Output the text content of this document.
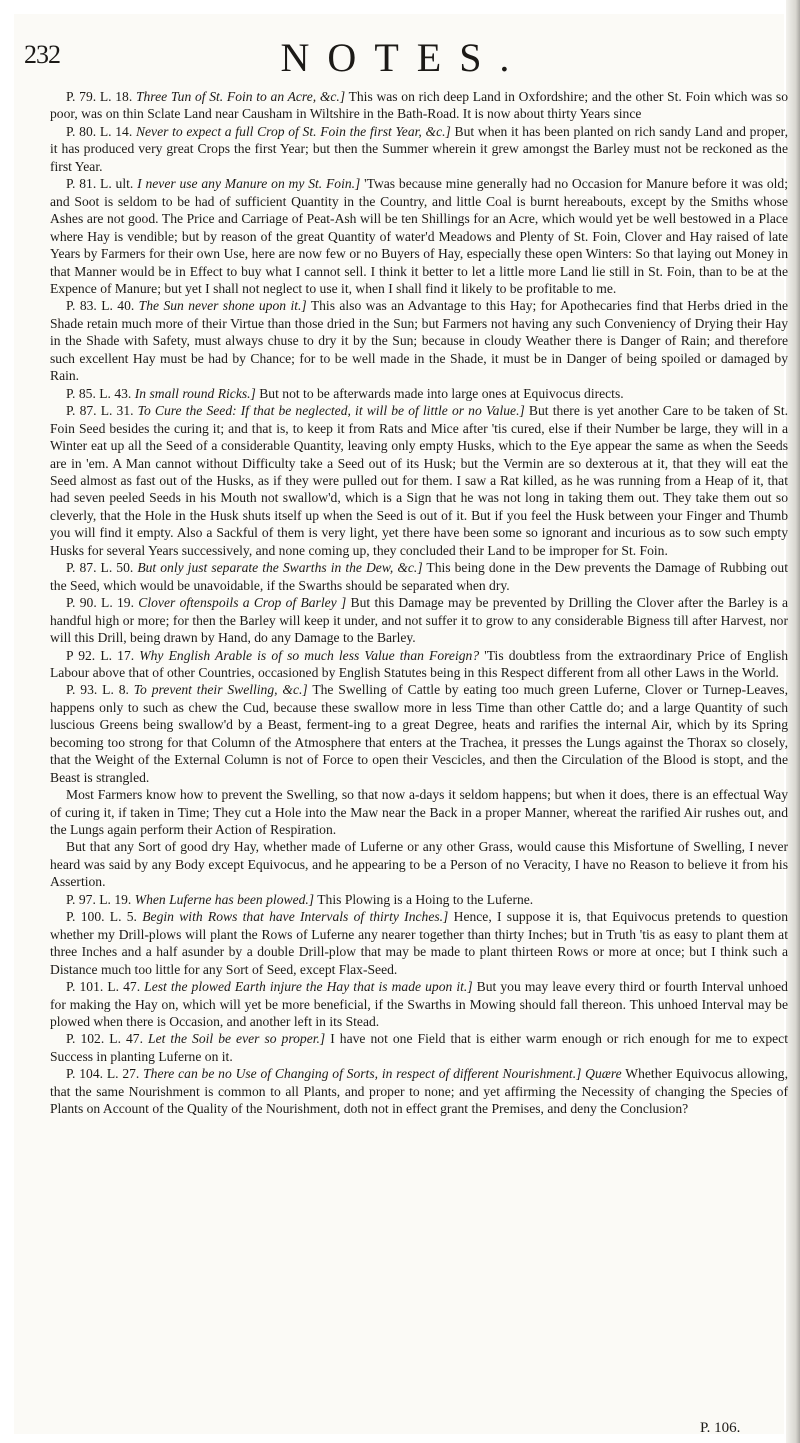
232	NOTES.

P. 79. L. 18. Three Tun of St. Foin to an Acre, &c.] This was on rich deep Land in Oxfordshire; and the other St. Foin which was so poor, was on thin Sclate Land near Causham in Wiltshire in the Bath-Road. It is now about thirty Years since

P. 80. L. 14. Never to expect a full Crop of St. Foin the first Year, &c.] But when it has been planted on rich sandy Land and proper, it has produced very great Crops the first Year; but then the Summer wherein it grew amongst the Barley must not be reckoned as the first Year.

P. 81. L. ult. I never use any Manure on my St. Foin.] 'Twas because mine generally had no Occasion for Manure before it was old; and Soot is seldom to be had of sufficient Quantity in the Country, and little Coal is burnt hereabouts, except by the Smiths whose Ashes are not good. The Price and Carriage of Peat-Ash will be ten Shillings for an Acre, which would yet be well bestowed in a Place where Hay is vendible; but by reason of the great Quantity of water'd Meadows and Plenty of St. Foin, Clover and Hay raised of late Years by Farmers for their own Use, here are now few or no Buyers of Hay, especially these open Winters: So that laying out Money in that Manner would be in Effect to buy what I cannot sell. I think it better to let a little more Land lie still in St. Foin, than to be at the Expence of Manure; but yet I shall not neglect to use it, when I shall find it likely to be profitable to me.

P. 83. L. 40. The Sun never shone upon it.] This also was an Advantage to this Hay; for Apothecaries find that Herbs dried in the Shade retain much more of their Virtue than those dried in the Sun; but Farmers not having any such Conveniency of Drying their Hay in the Shade with Safety, must always chuse to dry it by the Sun; because in cloudy Weather there is Danger of Rain; and therefore such excellent Hay must be had by Chance; for to be well made in the Shade, it must be in Danger of being spoiled or damaged by Rain.

P. 85. L. 43. In small round Ricks.] But not to be afterwards made into large ones at Equivocus directs.

P. 87. L. 31. To Cure the Seed: If that be neglected, it will be of little or no Value.] But there is yet another Care to be taken of St. Foin Seed besides the curing it; and that is, to keep it from Rats and Mice after 'tis cured, else if their Number be large, they will in a Winter eat up all the Seed of a considerable Quantity, leaving only empty Husks, which to the Eye appear the same as when the Seeds are in 'em. A Man cannot without Difficulty take a Seed out of its Husk; but the Vermin are so dexterous at it, that they will eat the Seed almost as fast out of the Husks, as if they were pulled out for them. I saw a Rat killed, as he was running from a Heap of it, that had seven peeled Seeds in his Mouth not swallow'd, which is a Sign that he was not long in taking them out. They take them out so cleverly, that the Hole in the Husk shuts itself up when the Seed is out of it. But if you feel the Husk between your Finger and Thumb you will find it empty. Also a Sackful of them is very light, yet there have been some so ignorant and incurious as to sow such empty Husks for several Years successively, and none coming up, they concluded their Land to be improper for St. Foin.

P. 87. L. 50. But only just separate the Swarths in the Dew, &c.] This being done in the Dew prevents the Damage of Rubbing out the Seed, which would be unavoidable, if the Swarths should be separated when dry.

P. 90. L. 19. Clover oftenspoils a Crop of Barley ] But this Damage may be prevented by Drilling the Clover after the Barley is a handful high or more; for then the Barley will keep it under, and not suffer it to grow to any considerable Bigness till after Harvest, nor will this Drill, being drawn by Hand, do any Damage to the Barley.

P 92. L. 17. Why English Arable is of so much less Value than Foreign? 'Tis doubtless from the extraordinary Price of English Labour above that of other Countries, occasioned by English Statutes being in this Respect different from all other Laws in the World.

P. 93. L. 8. To prevent their Swelling, &c.] The Swelling of Cattle by eating too much green Luferne, Clover or Turnep-Leaves, happens only to such as chew the Cud, because these swallow more in less Time than other Cattle do; and a large Quantity of such luscious Greens being swallow'd by a Beast, ferment-ing to a great Degree, heats and rarifies the internal Air, which by its Spring becoming too strong for that Column of the Atmosphere that enters at the Trachea, it presses the Lungs against the Thorax so closely, that the Weight of the External Column is not of Force to open their Vescicles, and then the Circulation of the Blood is stopt, and the Beast is strangled.

Most Farmers know how to prevent the Swelling, so that now a-days it seldom happens; but when it does, there is an effectual Way of curing it, if taken in Time; They cut a Hole into the Maw near the Back in a proper Manner, whereat the rarified Air rushes out, and the Lungs again perform their Action of Respiration.

But that any Sort of good dry Hay, whether made of Luferne or any other Grass, would cause this Misfortune of Swelling, I never heard was said by any Body except Equivocus, and he appearing to be a Person of no Veracity, I have no Reason to believe it from his Assertion.

P. 97. L. 19. When Luferne has been plowed.] This Plowing is a Hoing to the Luferne.

P. 100. L. 5. Begin with Rows that have Intervals of thirty Inches.] Hence, I suppose it is, that Equivocus pretends to question whether my Drill-plows will plant the Rows of Luferne any nearer together than thirty Inches; but in Truth 'tis as easy to plant them at three Inches and a half asunder by a double Drill-plow that may be made to plant thirteen Rows or more at once; but I think such a Distance much too little for any Sort of Seed, except Flax-Seed.

P. 101. L. 47. Lest the plowed Earth injure the Hay that is made upon it.] But you may leave every third or fourth Interval unhoed for making the Hay on, which will yet be more beneficial, if the Swarths in Mowing should fall thereon. This unhoed Interval may be plowed when there is Occasion, and another left in its Stead.

P. 102. L. 47. Let the Soil be ever so proper.] I have not one Field that is either warm enough or rich enough for me to expect Success in planting Luferne on it.

P. 104. L. 27. There can be no Use of Changing of Sorts, in respect of different Nourishment.] Quære Whether Equivocus allowing, that the same Nourishment is common to all Plants, and proper to none; and yet affirming the Necessity of changing the Species of Plants on Account of the Quality of the Nourishment, doth not in effect grant the Premises, and deny the Conclusion?

P. 106.
